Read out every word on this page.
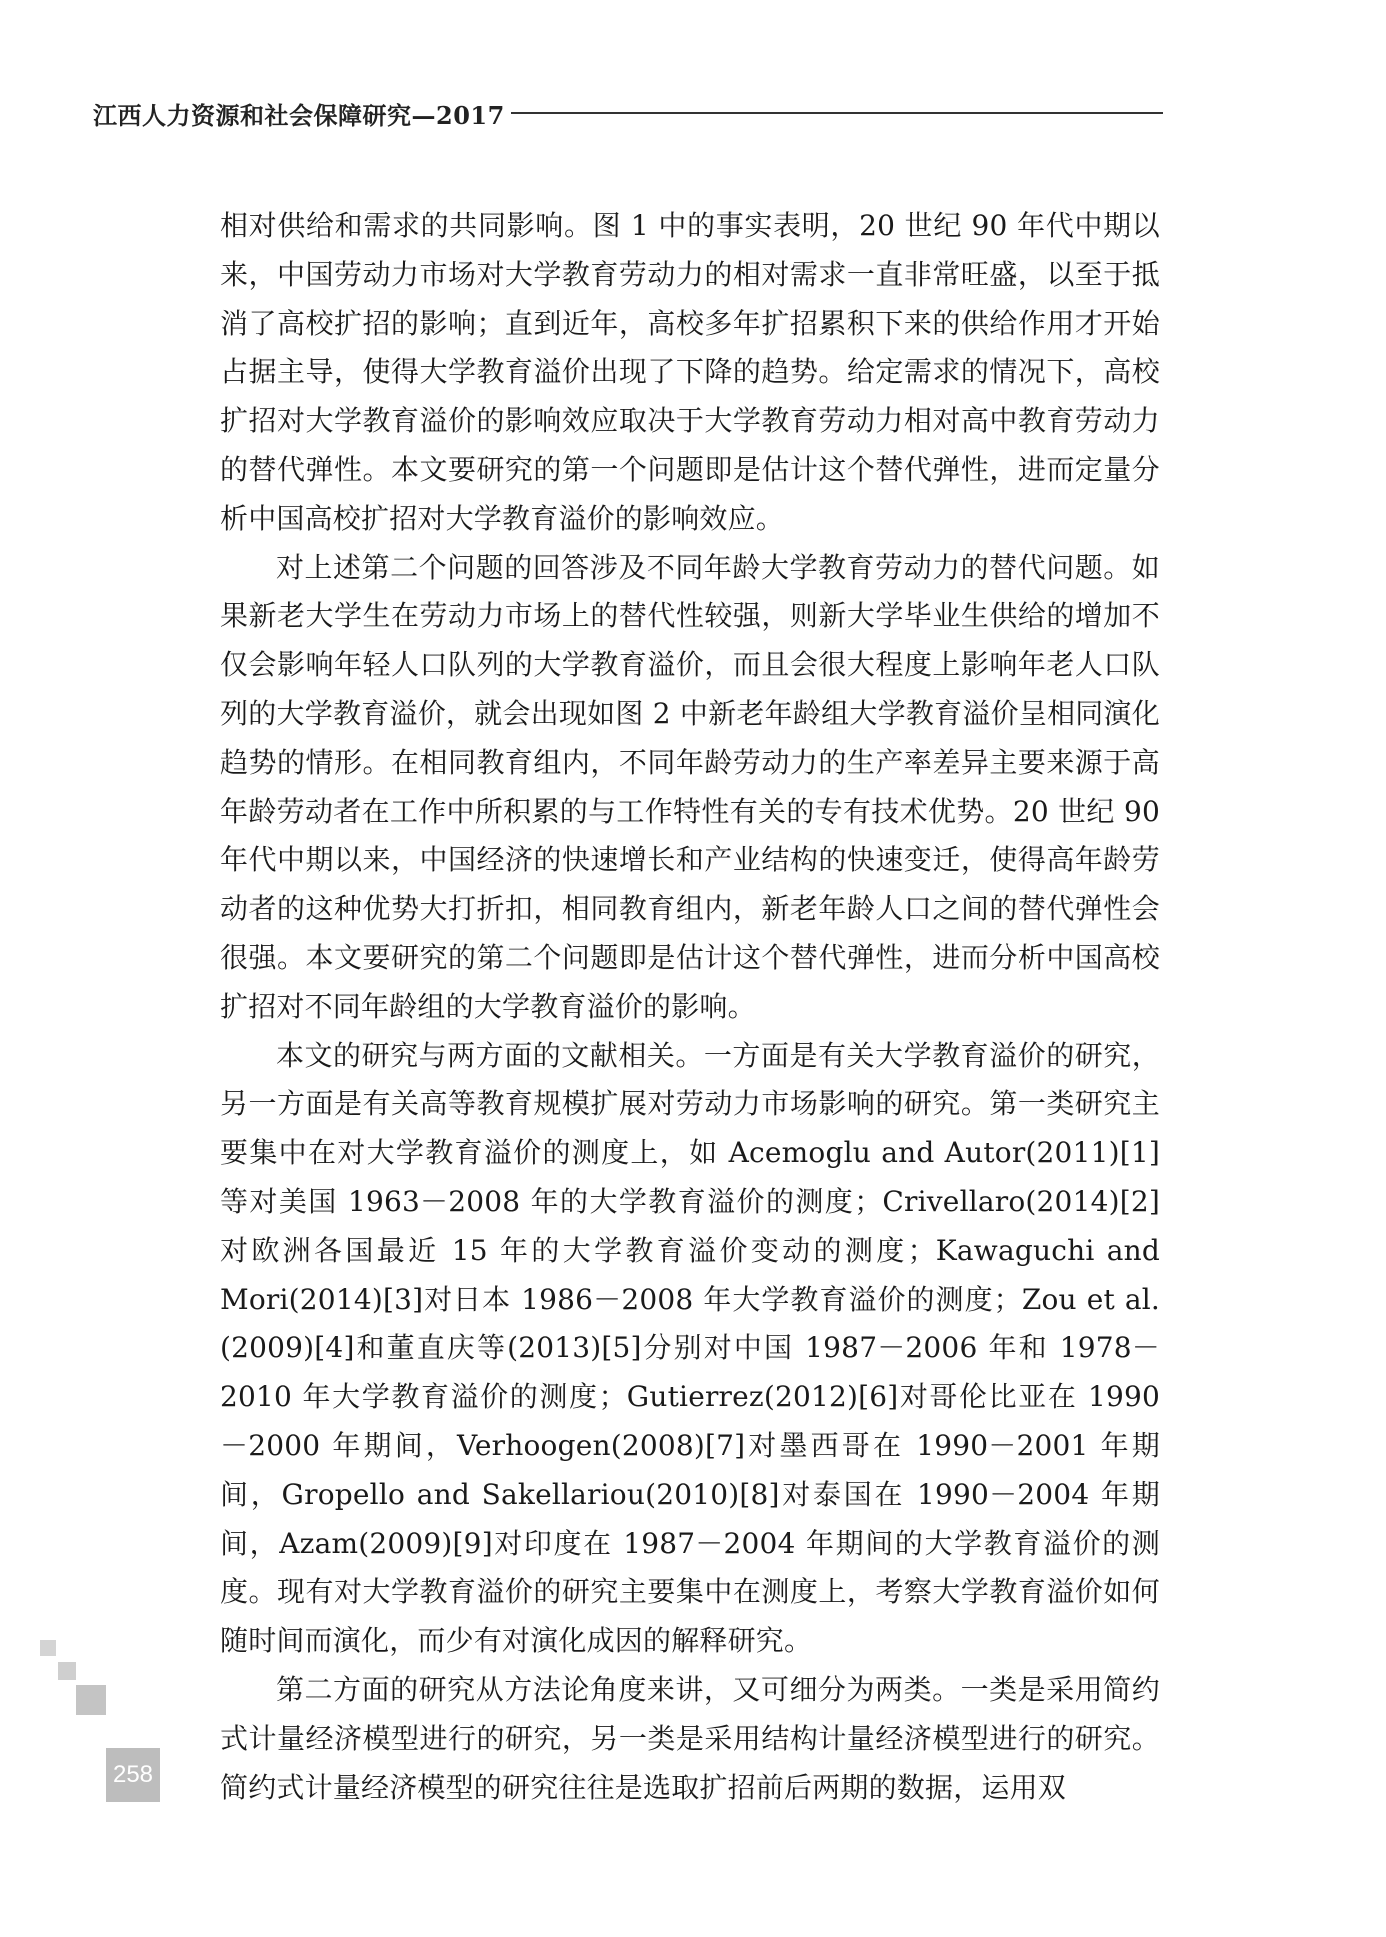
江西人力资源和社会保障研究—2017

相对供给和需求的共同影响。图 1 中的事实表明，20 世纪 90 年代中期以来，中国劳动力市场对大学教育劳动力的相对需求一直非常旺盛，以至于抵消了高校扩招的影响；直到近年，高校多年扩招累积下来的供给作用才开始占据主导，使得大学教育溢价出现了下降的趋势。给定需求的情况下，高校扩招对大学教育溢价的影响效应取决于大学教育劳动力相对高中教育劳动力的替代弹性。本文要研究的第一个问题即是估计这个替代弹性，进而定量分析中国高校扩招对大学教育溢价的影响效应。

对上述第二个问题的回答涉及不同年龄大学教育劳动力的替代问题。如果新老大学生在劳动力市场上的替代性较强，则新大学毕业生供给的增加不仅会影响年轻人口队列的大学教育溢价，而且会很大程度上影响年老人口队列的大学教育溢价，就会出现如图 2 中新老年龄组大学教育溢价呈相同演化趋势的情形。在相同教育组内，不同年龄劳动力的生产率差异主要来源于高年龄劳动者在工作中所积累的与工作特性有关的专有技术优势。20 世纪 90 年代中期以来，中国经济的快速增长和产业结构的快速变迁，使得高年龄劳动者的这种优势大打折扣，相同教育组内，新老年龄人口之间的替代弹性会很强。本文要研究的第二个问题即是估计这个替代弹性，进而分析中国高校扩招对不同年龄组的大学教育溢价的影响。

本文的研究与两方面的文献相关。一方面是有关大学教育溢价的研究，另一方面是有关高等教育规模扩展对劳动力市场影响的研究。第一类研究主要集中在对大学教育溢价的测度上，如 Acemoglu and Autor(2011)[1]等对美国 1963－2008 年的大学教育溢价的测度；Crivellaro(2014)[2]对欧洲各国最近 15 年的大学教育溢价变动的测度；Kawaguchi and Mori(2014)[3]对日本 1986－2008 年大学教育溢价的测度；Zou et al.(2009)[4]和董直庆等(2013)[5]分别对中国 1987－2006 年和 1978－2010 年大学教育溢价的测度；Gutierrez(2012)[6]对哥伦比亚在 1990－2000 年期间，Verhoogen(2008)[7]对墨西哥在 1990－2001 年期间，Gropello and Sakellariou(2010)[8]对泰国在 1990－2004 年期间，Azam(2009)[9]对印度在 1987－2004 年期间的大学教育溢价的测度。现有对大学教育溢价的研究主要集中在测度上，考察大学教育溢价如何随时间而演化，而少有对演化成因的解释研究。

第二方面的研究从方法论角度来讲，又可细分为两类。一类是采用简约式计量经济模型进行的研究，另一类是采用结构计量经济模型进行的研究。简约式计量经济模型的研究往往是选取扩招前后两期的数据，运用双

258
